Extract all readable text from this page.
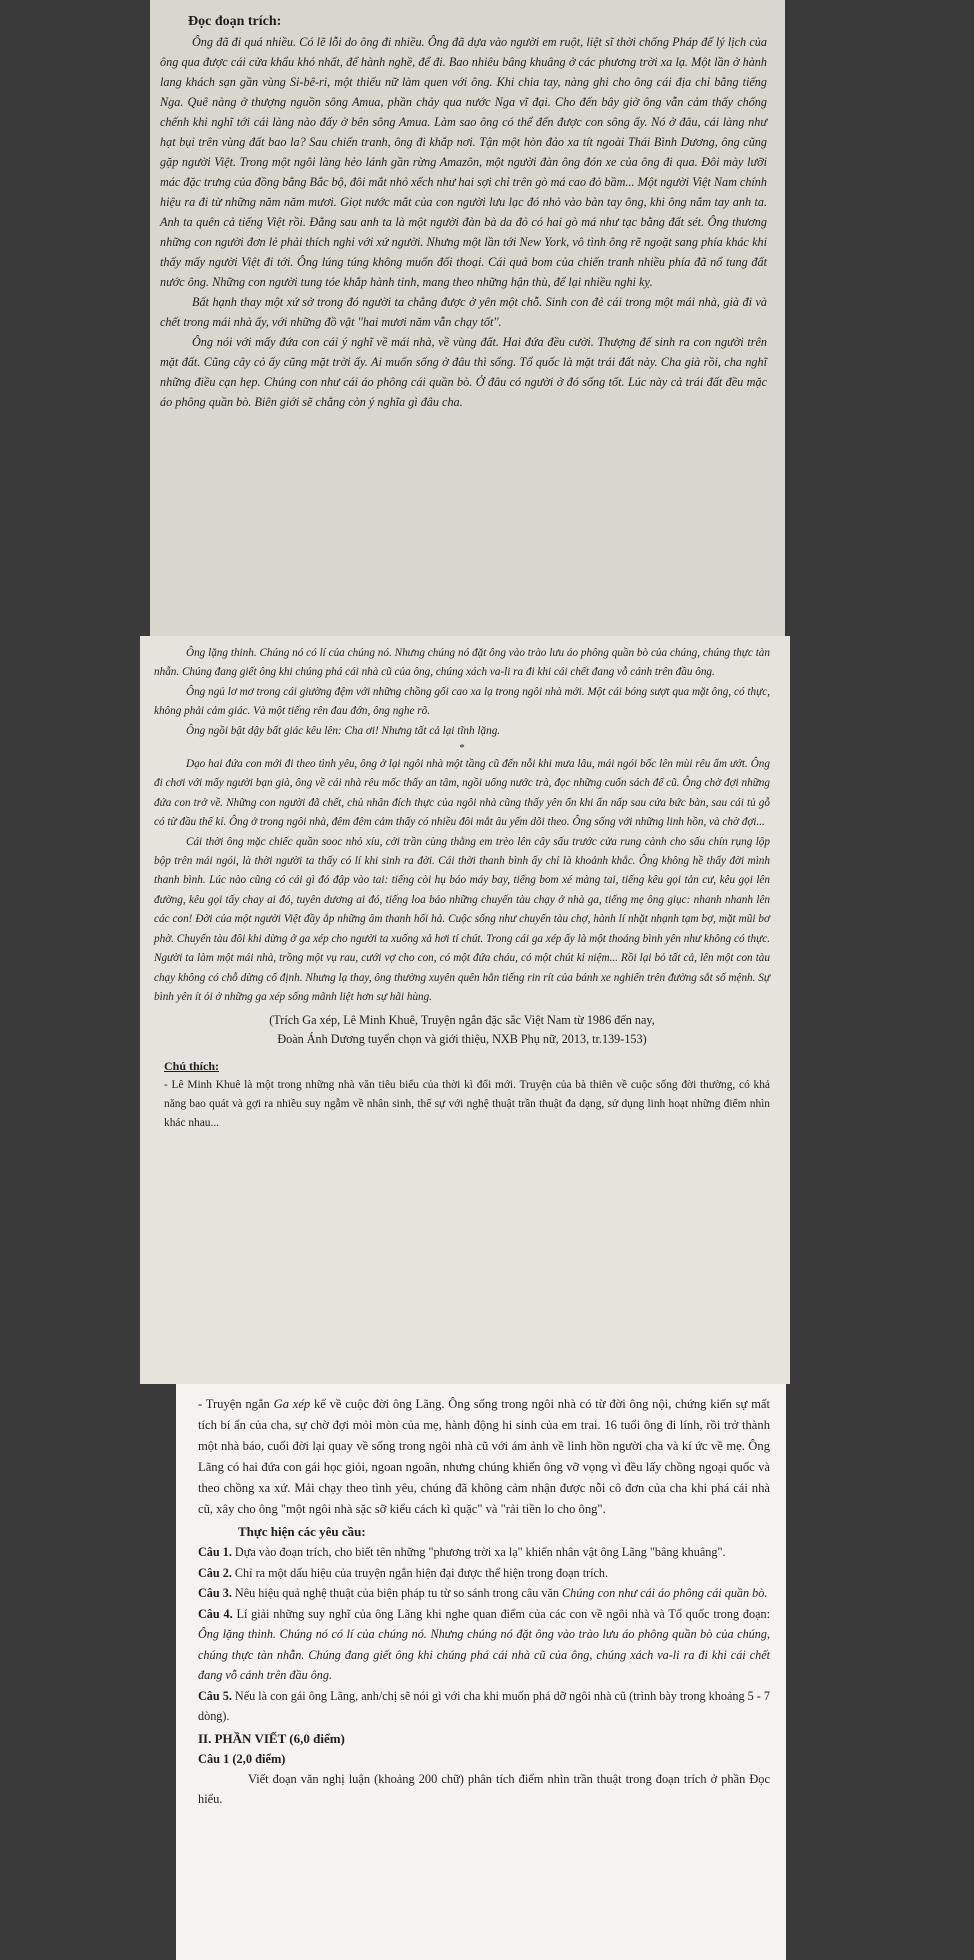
Đọc đoạn trích:

Ông đã đi quá nhiều. Có lẽ lỗi do ông đi nhiều. Ông đã dựa vào người em ruột, liệt sĩ thời chống Pháp để lý lịch của ông qua được cái cửa khẩu khó nhất, để hành nghề, để đi. Bao nhiêu bâng khuâng ở các phương trời xa lạ. Một lần ở hành lang khách sạn gần vùng Si-bê-ri, một thiếu nữ làm quen với ông. Khi chia tay, nàng ghi cho ông cái địa chỉ bằng tiếng Nga. Quê nàng ở thượng nguồn sông Amua, phần chảy qua nước Nga vĩ đại. Cho đến bây giờ ông vẫn cảm thấy chống chếnh khi nghĩ tới cái làng nào đấy ở bên sông Amua. Làm sao ông có thể đến được con sông ấy. Nó ở đâu, cái làng như hạt bụi trên vùng đất bao la? Sau chiến tranh, ông đi khắp nơi. Tận một hòn đảo xa tít ngoài Thái Bình Dương, ông cũng gặp người Việt. Trong một ngôi làng hẻo lánh gần rừng Amazôn, một người đàn ông đón xe của ông đi qua. Đôi mày lưỡi mác đặc trưng của đồng bằng Bắc bộ, đôi mắt nhỏ xếch như hai sợi chỉ trên gò má cao đỏ bầm... Một người Việt Nam chính hiệu ra đi từ những năm năm mươi. Giọt nước mắt của con người lưu lạc đó nhỏ vào bàn tay ông, khi ông nắm tay anh ta. Anh ta quên cả tiếng Việt rồi. Đằng sau anh ta là một người đàn bà da đỏ có hai gò má như tạc bằng đất sét. Ông thương những con người đơn lẻ phải thích nghi với xứ người. Nhưng một lần tới New York, vô tình ông rẽ ngoặt sang phía khác khi thấy mấy người Việt đi tới. Ông lúng túng không muốn đối thoại. Cái quả bom của chiến tranh nhiều phía đã nổ tung đất nước ông. Những con người tung tóe khắp hành tinh, mang theo những hận thù, để lại nhiều nghi kỵ.

Bất hạnh thay một xứ sở trong đó người ta chẳng được ở yên một chỗ. Sinh con đẻ cái trong một mái nhà, già đi và chết trong mái nhà ấy, với những đồ vật ''hai mươi năm vẫn chạy tốt''.

Ông nói với mấy đứa con cái ý nghĩ về mái nhà, về vùng đất. Hai đứa đều cười. Thượng đế sinh ra con người trên mặt đất. Cũng cây cỏ ấy cũng mặt trời ấy. Ai muốn sống ở đâu thì sống. Tổ quốc là mặt trái đất này. Cha già rồi, cha nghĩ những điều cạn hẹp. Chúng con như cái áo phông cái quần bò. Ở đâu có người ở đó sống tốt. Lúc này cả trái đất đều mặc áo phông quần bò. Biên giới sẽ chẳng còn ý nghĩa gì đâu cha.

Ông lặng thinh. Chúng nó có lí của chúng nó. Nhưng chúng nó đặt ông vào trào lưu áo phông quần bò của chúng, chúng thực tàn nhẫn. Chúng đang giết ông khi chúng phá cái nhà cũ của ông, chúng xách va-li ra đi khi cái chết đang vỗ cánh trên đầu ông.

Ông ngủ lơ mơ trong cái giường đệm với những chồng gối cao xa lạ trong ngôi nhà mới. Một cái bóng sượt qua mặt ông, có thực, không phải cảm giác. Và một tiếng rên đau đớn, ông nghe rõ.

Ông ngồi bật dậy bất giác kêu lên: Cha ơi! Nhưng tất cả lại tĩnh lặng.

*

Dạo hai đứa con mới đi theo tình yêu, ông ở lại ngôi nhà một tầng cũ đến nỗi khi mưa lâu, mái ngói bốc lên mùi rêu ẩm ướt. Ông đi chơi với mấy người bạn già, ông về cái nhà rêu mốc thấy an tâm, ngồi uống nước trà, đọc những cuốn sách để cũ. Ông chờ đợi những đứa con trở về. Những con người đã chết, chủ nhân đích thực của ngôi nhà cũng thấy yên ổn khi ẩn nấp sau cửa bức bàn, sau cái tủ gỗ có từ đầu thế kỉ. Ông ở trong ngôi nhà, đêm đêm cảm thấy có nhiều đôi mắt âu yếm dõi theo. Ông sống với những linh hồn, và chờ đợi...

Cái thời ông mặc chiếc quần sooc nhỏ xíu, cởi trần cùng thằng em trèo lên cây sấu trước cửa rung cành cho sấu chín rụng lộp bộp trên mái ngói, là thời người ta thấy có lí khi sinh ra đời. Cái thời thanh bình ấy chỉ là khoảnh khắc. Ông không hề thấy đời mình thanh bình. Lúc nào cũng có cái gì đó đập vào tai: tiếng còi hụ báo máy bay, tiếng bom xé màng tai, tiếng kêu gọi tản cư, kêu gọi lên đường, kêu gọi tấy chay ai đó, tuyên dương ai đó, tiếng loa báo những chuyến tàu chạy ở nhà ga, tiếng mẹ ông giục: nhanh nhanh lên các con! Đời của một người Việt đầy ắp những âm thanh hối hả. Cuộc sống như chuyến tàu chợ, hành lí nhặt nhạnh tạm bợ, mặt mũi bơ phờ. Chuyến tàu đôi khi dừng ở ga xép cho người ta xuống xả hơi tí chút. Trong cái ga xép ấy là một thoáng bình yên như không có thực. Người ta làm một mái nhà, trồng một vụ rau, cưới vợ cho con, có một đứa cháu, có một chút kỉ niệm... Rồi lại bỏ tất cả, lên một con tàu chạy không có chỗ dừng cố định. Nhưng lạ thay, ông thường xuyên quên hẳn tiếng rin rít của bánh xe nghiến trên đường sắt số mệnh. Sự bình yên ít ỏi ở những ga xép sống mãnh liệt hơn sự hãi hùng.

(Trích Ga xép, Lê Minh Khuê, Truyện ngắn đặc sắc Việt Nam từ 1986 đến nay,
Đoàn Ánh Dương tuyển chọn và giới thiệu, NXB Phụ nữ, 2013, tr.139-153)

Chú thích:

- Lê Minh Khuê là một trong những nhà văn tiêu biểu của thời kì đổi mới. Truyện của bà thiên về cuộc sống đời thường, có khả năng bao quát và gợi ra nhiều suy ngẫm về nhân sinh, thế sự với nghệ thuật trần thuật đa dạng, sử dụng linh hoạt những điểm nhìn khác nhau...

- Truyện ngắn Ga xép kể về cuộc đời ông Lãng. Ông sống trong ngôi nhà có từ đời ông nội, chứng kiến sự mất tích bí ẩn của cha, sự chờ đợi mỏi mòn của mẹ, hành động hi sinh của em trai. 16 tuổi ông đi lính, rồi trở thành một nhà báo, cuối đời lại quay về sống trong ngôi nhà cũ với ám ảnh về linh hồn người cha và kí ức về mẹ. Ông Lãng có hai đứa con gái học giỏi, ngoan ngoãn, nhưng chúng khiến ông vỡ vọng vì đều lấy chồng ngoại quốc và theo chồng xa xứ. Mải chạy theo tình yêu, chúng đã không cảm nhận được nỗi cô đơn của cha khi phá cái nhà cũ, xây cho ông "một ngôi nhà sặc sỡ kiểu cách kì quặc" và "rải tiền lo cho ông".

Thực hiện các yêu cầu:

Câu 1. Dựa vào đoạn trích, cho biết tên những "phương trời xa lạ" khiến nhân vật ông Lãng "bâng khuâng".

Câu 2. Chỉ ra một dấu hiệu của truyện ngắn hiện đại được thể hiện trong đoạn trích.

Câu 3. Nêu hiệu quả nghệ thuật của biện pháp tu từ so sánh trong câu văn Chúng con như cái áo phông cái quần bò.

Câu 4. Lí giải những suy nghĩ của ông Lãng khi nghe quan điểm của các con về ngôi nhà và Tổ quốc trong đoạn: Ông lặng thinh. Chúng nó có lí của chúng nó. Nhưng chúng nó đặt ông vào trào lưu áo phông quần bò của chúng, chúng thực tàn nhẫn. Chúng đang giết ông khi chúng phá cái nhà cũ của ông, chúng xách va-li ra đi khi cái chết đang vỗ cánh trên đầu ông.

Câu 5. Nếu là con gái ông Lãng, anh/chị sẽ nói gì với cha khi muốn phá dỡ ngôi nhà cũ (trình bày trong khoảng 5 - 7 dòng).

II. PHẦN VIẾT (6,0 điểm)

Câu 1 (2,0 điểm)

Viết đoạn văn nghị luận (khoảng 200 chữ) phân tích điểm nhìn trần thuật trong đoạn trích ở phần Đọc hiểu.
